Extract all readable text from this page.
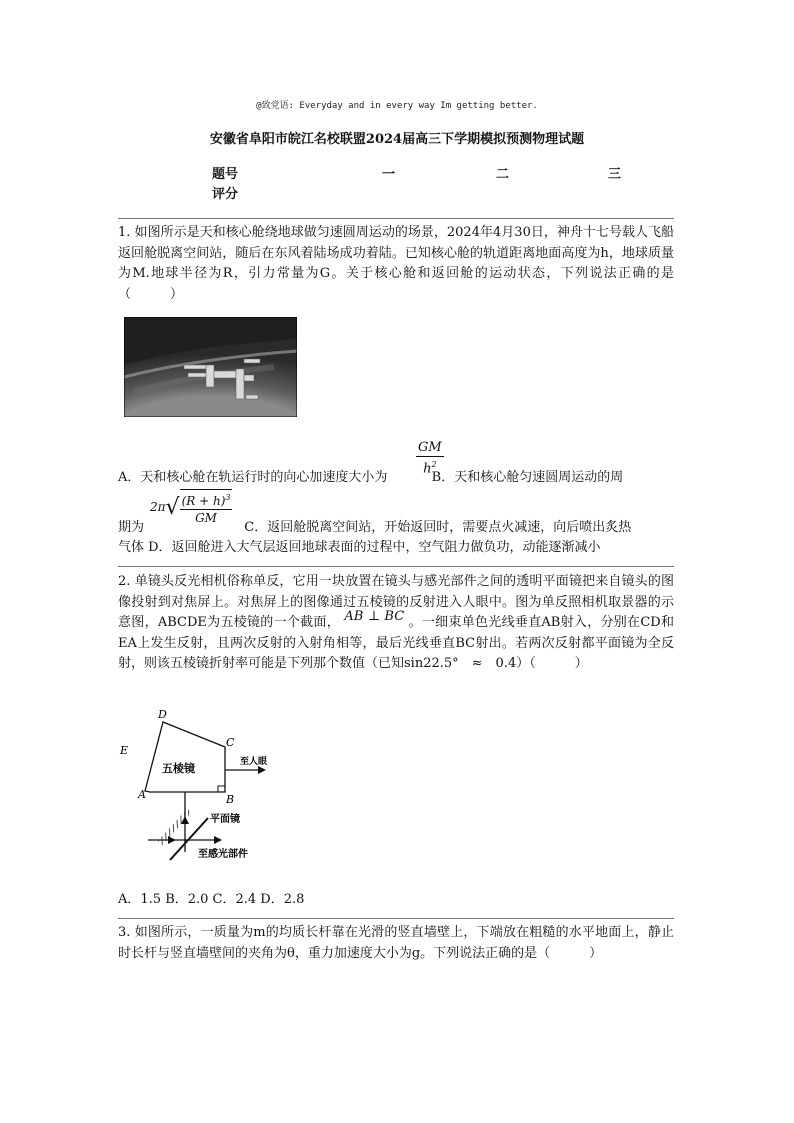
@致党语: Everyday and in every way Im getting better.
安徽省阜阳市皖江名校联盟2024届高三下学期模拟预测物理试题
题号	一	二	三
评分
1. 如图所示是天和核心舱绕地球做匀速圆周运动的场景，2024年4月30日，神舟十七号载人飞船返回舱脱离空间站，随后在东风着陆场成功着陆。已知核心舱的轨道距离地面高度为h，地球质量为M.地球半径为R，引力常量为G。关于核心舱和返回舱的运动状态，下列说法正确的是（　　　）
$\frac{GM}{h^2}$
A．天和核心舱在轨运行时的向心加速度大小为	B．天和核心舱匀速圆周运动的周
$2\pi√ \frac{(R + h)^3}{GM}$
期为	C．返回舱脱离空间站，开始返回时，需要点火减速，向后喷出炙热
气体 D．返回舱进入大气层返回地球表面的过程中，空气阻力做负功，动能逐渐减小
2. 单镜头反光相机俗称单反，它用一块放置在镜头与感光部件之间的透明平面镜把来自镜头的图像投射到对焦屏上。对焦屏上的图像通过五棱镜的反射进入人眼中。图为单反照相机取景器的示意图，ABCDE为五棱镜的一个截面， AB ⊥ BC 。一细束单色光线垂直AB射入，分别在CD和EA上发生反射，且两次反射的入射角相等，最后光线垂直BC射出。若两次反射都平面镜为全反射，则该五棱镜折射率可能是下列那个数值（已知sin22.5°　≈　0.4）（　　　）
A	B
C
D
E
五棱镜	至人眼
平面镜
至感光部件
A．1.5 B．2.0 C．2.4 D．2.8
3. 如图所示，一质量为m的均质长杆靠在光滑的竖直墙壁上，下端放在粗糙的水平地面上，静止时长杆与竖直墙壁间的夹角为θ，重力加速度大小为g。下列说法正确的是（　　　）
